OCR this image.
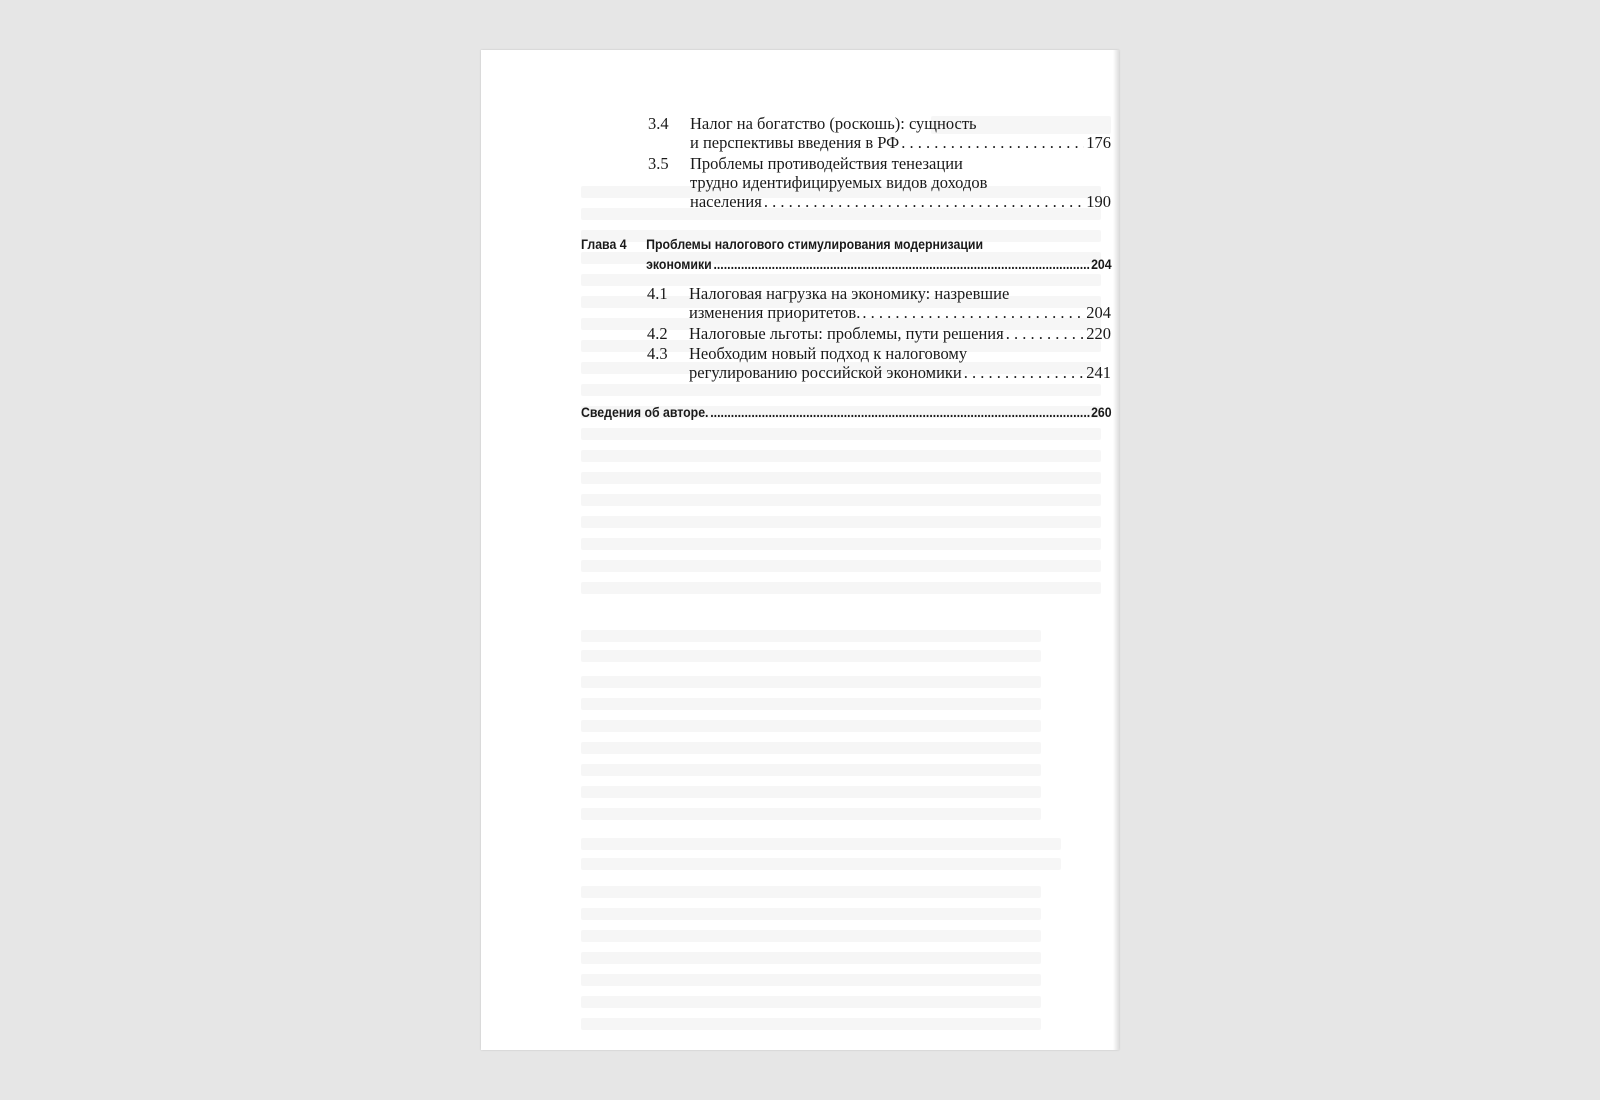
3.4 Налог на богатство (роскошь): сущность
и перспективы введения в РФ . . .	176
3.5 Проблемы противодействия тенезации
трудно идентифицируемых видов доходов
населения . . .	190
Глава 4 Проблемы налогового стимулирования модернизации
экономики .....	204
4.1 Налоговая нагрузка на экономику: назревшие
изменения приоритетов. . . .	204
4.2 Налоговые льготы: проблемы, пути решения . . .	220
4.3 Необходим новый подход к налоговому
регулированию российской экономики . . .	241
Сведения об авторе. .....	260
